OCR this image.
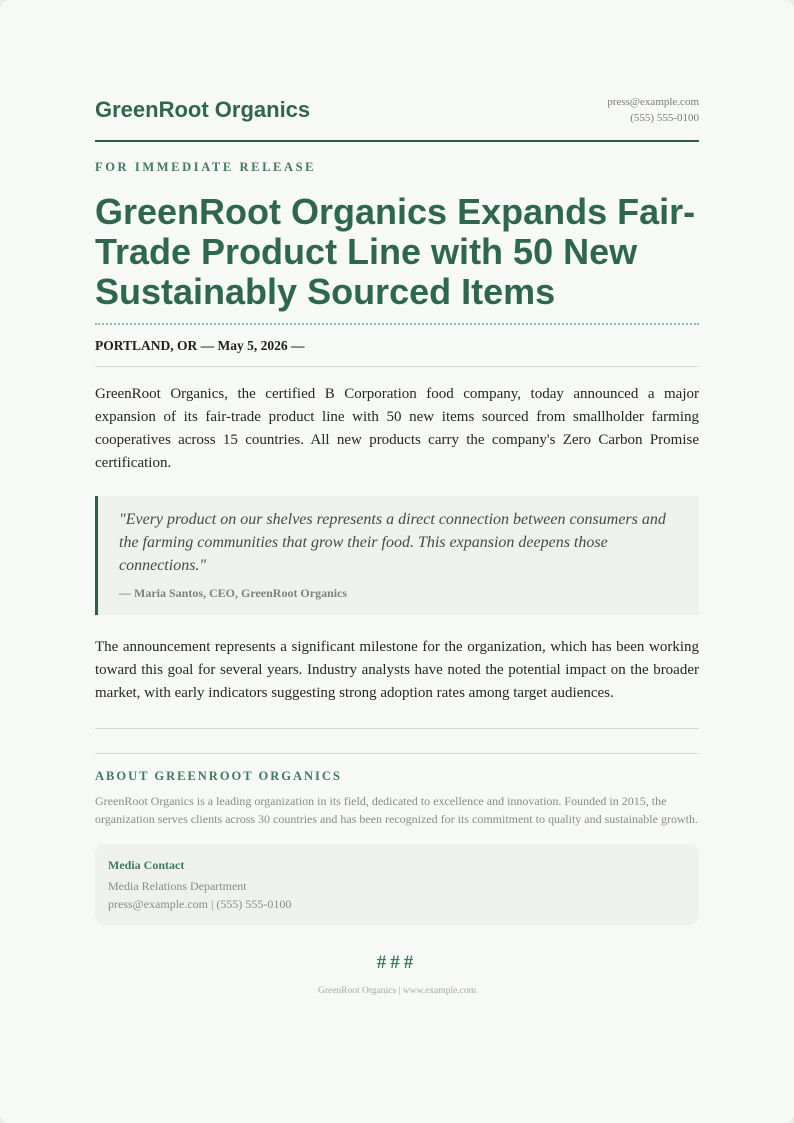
GreenRoot Organics	press@example.com
(555) 555-0100
FOR IMMEDIATE RELEASE
GreenRoot Organics Expands Fair-Trade Product Line with 50 New Sustainably Sourced Items
PORTLAND, OR — May 5, 2026 —

GreenRoot Organics, the certified B Corporation food company, today announced a major expansion of its fair-trade product line with 50 new items sourced from smallholder farming cooperatives across 15 countries. All new products carry the company's Zero Carbon Promise certification.

"Every product on our shelves represents a direct connection between consumers and the farming communities that grow their food. This expansion deepens those connections."
— Maria Santos, CEO, GreenRoot Organics

The announcement represents a significant milestone for the organization, which has been working toward this goal for several years. Industry analysts have noted the potential impact on the broader market, with early indicators suggesting strong adoption rates among target audiences.

ABOUT GREENROOT ORGANICS
GreenRoot Organics is a leading organization in its field, dedicated to excellence and innovation. Founded in 2015, the organization serves clients across 30 countries and has been recognized for its commitment to quality and sustainable growth.
Media Contact
Media Relations Department
press@example.com | (555) 555-0100
###
GreenRoot Organics | www.example.com
